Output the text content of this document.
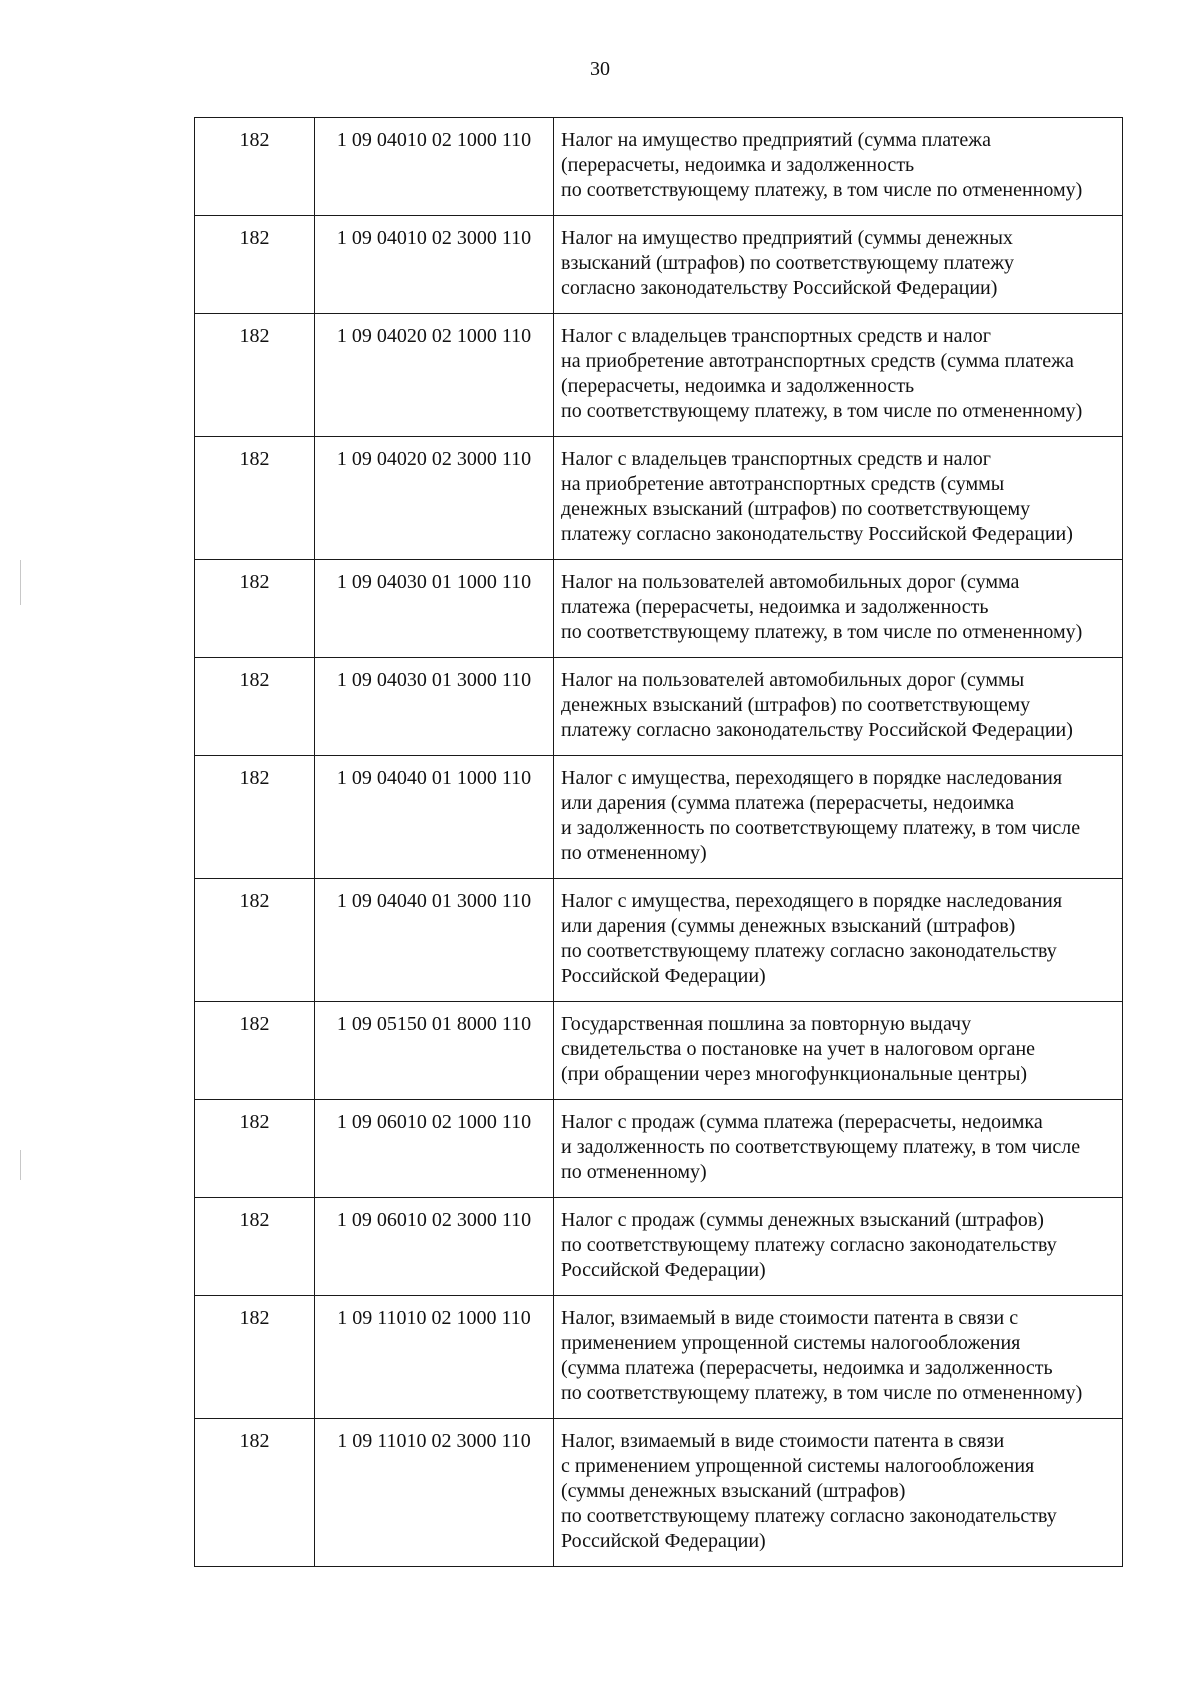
30
182	1 09 04010 02 1000 110	Налог на имущество предприятий (сумма платежа
(перерасчеты, недоимка и задолженность
по соответствующему платежу, в том числе по отмененному)
182	1 09 04010 02 3000 110	Налог на имущество предприятий (суммы денежных
взысканий (штрафов) по соответствующему платежу
согласно законодательству Российской Федерации)
182	1 09 04020 02 1000 110	Налог с владельцев транспортных средств и налог
на приобретение автотранспортных средств (сумма платежа
(перерасчеты, недоимка и задолженность
по соответствующему платежу, в том числе по отмененному)
182	1 09 04020 02 3000 110	Налог с владельцев транспортных средств и налог
на приобретение автотранспортных средств (суммы
денежных взысканий (штрафов) по соответствующему
платежу согласно законодательству Российской Федерации)
182	1 09 04030 01 1000 110	Налог на пользователей автомобильных дорог (сумма
платежа (перерасчеты, недоимка и задолженность
по соответствующему платежу, в том числе по отмененному)
182	1 09 04030 01 3000 110	Налог на пользователей автомобильных дорог (суммы
денежных взысканий (штрафов) по соответствующему
платежу согласно законодательству Российской Федерации)
182	1 09 04040 01 1000 110	Налог с имущества, переходящего в порядке наследования
или дарения (сумма платежа (перерасчеты, недоимка
и задолженность по соответствующему платежу, в том числе
по отмененному)
182	1 09 04040 01 3000 110	Налог с имущества, переходящего в порядке наследования
или дарения (суммы денежных взысканий (штрафов)
по соответствующему платежу согласно законодательству
Российской Федерации)
182	1 09 05150 01 8000 110	Государственная пошлина за повторную выдачу
свидетельства о постановке на учет в налоговом органе
(при обращении через многофункциональные центры)
182	1 09 06010 02 1000 110	Налог с продаж (сумма платежа (перерасчеты, недоимка
и задолженность по соответствующему платежу, в том числе
по отмененному)
182	1 09 06010 02 3000 110	Налог с продаж (суммы денежных взысканий (штрафов)
по соответствующему платежу согласно законодательству
Российской Федерации)
182	1 09 11010 02 1000 110	Налог, взимаемый в виде стоимости патента в связи с
применением упрощенной системы налогообложения
(сумма платежа (перерасчеты, недоимка и задолженность
по соответствующему платежу, в том числе по отмененному)
182	1 09 11010 02 3000 110	Налог, взимаемый в виде стоимости патента в связи
с применением упрощенной системы налогообложения
(суммы денежных взысканий (штрафов)
по соответствующему платежу согласно законодательству
Российской Федерации)
